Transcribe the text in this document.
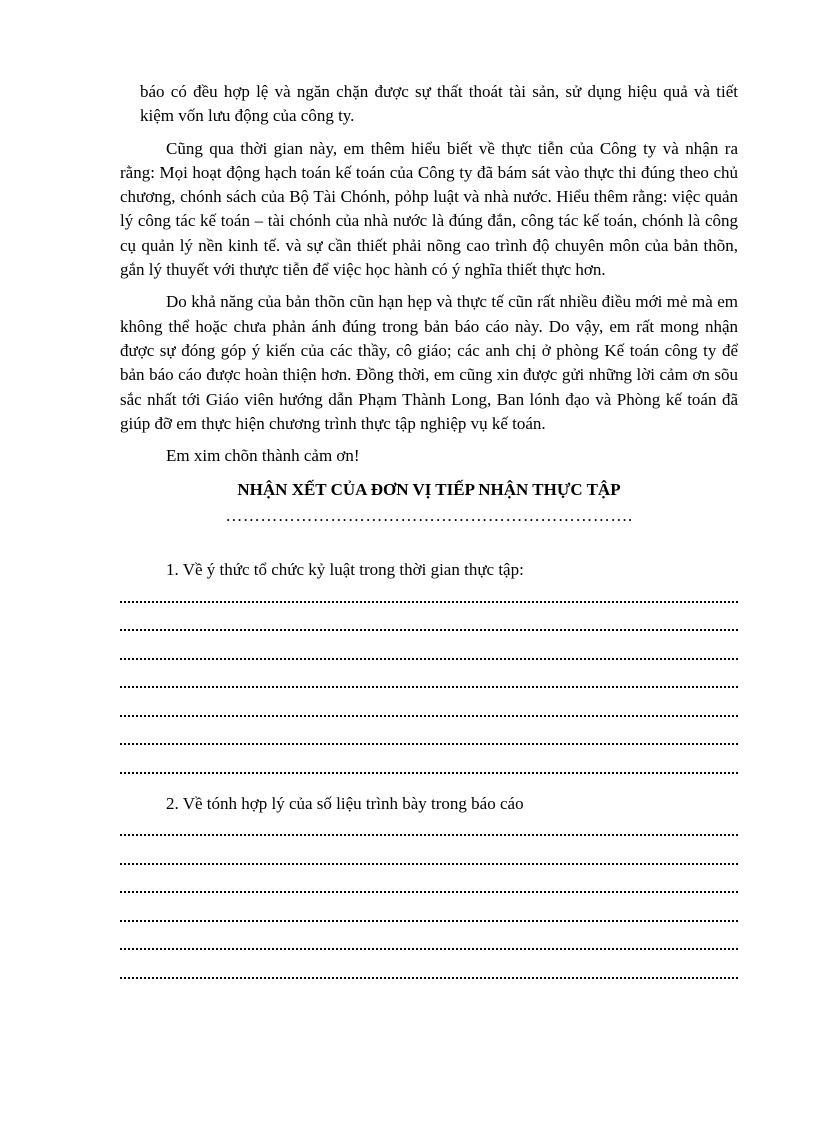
báo có đều hợp lệ và ngăn chặn được sự thất thoát tài sản, sử dụng hiệu quả và tiết kiệm vốn lưu động của công ty.

Cũng qua thời gian này, em thêm hiểu biết về thực tiễn của Công ty và nhận ra rằng: Mọi hoạt động hạch toán kế toán của Công ty đã bám sát vào thực thi đúng theo chủ chương, chónh sách của Bộ Tài Chónh, pỏhp luật và nhà nước. Hiểu thêm rằng: việc quản lý công tác kế toán – tài chónh của nhà nước là đúng đắn, công tác kế toán, chónh là công cụ quản lý nền kinh tế. và sự cần thiết phải nõng cao trình độ chuyên môn của bản thõn, gắn lý thuyết với thưực tiễn để việc học hành có ý nghĩa thiết thực hơn.

Do khả năng của bản thõn cũn hạn hẹp và thực tế cũn rất nhiều điều mới mẻ mà em không thể hoặc chưa phản ánh đúng trong bản báo cáo này. Do vậy, em rất mong nhận được sự đóng góp ý kiến của các thầy, cô giáo; các anh chị ở phòng Kế toán công ty để bản báo cáo được hoàn thiện hơn. Đồng thời, em cũng xin được gửi những lời cảm ơn sõu sắc nhất tới Giáo viên hướng dẫn Phạm Thành Long, Ban lónh đạo và Phòng kế toán đã giúp đỡ em thực hiện chương trình thực tập nghiệp vụ kế toán.

Em xim chõn thành cảm ơn!

NHẬN XẾT CỦA ĐƠN VỊ TIẾP NHẬN THỰC TẬP
…………………………………………………………….

1. Về ý thức tổ chức kỷ luật trong thời gian thực tập:

2. Về tónh hợp lý của số liệu trình bày trong báo cáo
